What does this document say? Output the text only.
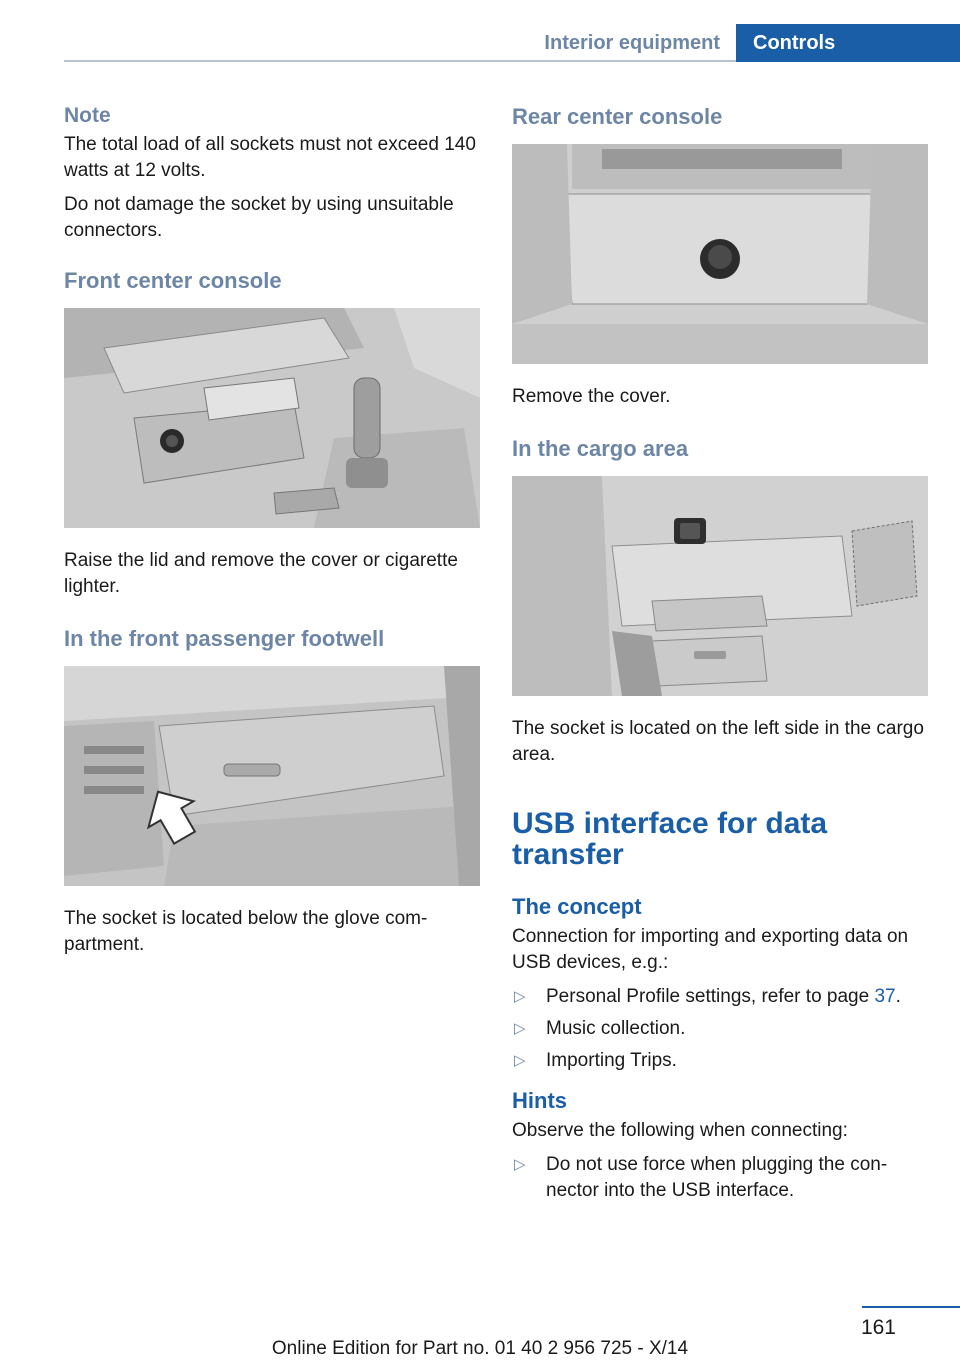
Interior equipment	Controls
Note

The total load of all sockets must not exceed 140 watts at 12 volts.

Do not damage the socket by using unsuitable connectors.

Front center console

Raise the lid and remove the cover or cigarette lighter.

In the front passenger footwell

The socket is located below the glove com-partment.

Rear center console

Remove the cover.

In the cargo area

The socket is located on the left side in the cargo area.

USB interface for data transfer
The concept

Connection for importing and exporting data on USB devices, e.g.:

▷ Personal Profile settings, refer to page 37.
▷ Music collection.
▷ Importing Trips.
Hints

Observe the following when connecting:

▷ Do not use force when plugging the con-nector into the USB interface.
161
Online Edition for Part no. 01 40 2 956 725 - X/14
